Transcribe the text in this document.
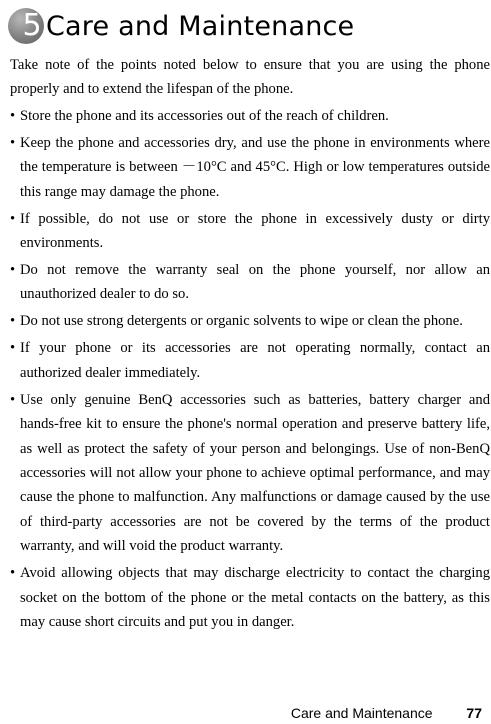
5 Care and Maintenance

Take note of the points noted below to ensure that you are using the phone properly and to extend the lifespan of the phone.

• Store the phone and its accessories out of the reach of children.
• Keep the phone and accessories dry, and use the phone in environments where the temperature is between －10°C and 45°C. High or low temperatures outside this range may damage the phone.
• If possible, do not use or store the phone in excessively dusty or dirty environments.
• Do not remove the warranty seal on the phone yourself, nor allow an unauthorized dealer to do so.
• Do not use strong detergents or organic solvents to wipe or clean the phone.
• If your phone or its accessories are not operating normally, contact an authorized dealer immediately.
• Use only genuine BenQ accessories such as batteries, battery charger and hands-free kit to ensure the phone's normal operation and preserve battery life, as well as protect the safety of your person and belongings. Use of non-BenQ accessories will not allow your phone to achieve optimal performance, and may cause the phone to malfunction. Any malfunctions or damage caused by the use of third-party accessories are not be covered by the terms of the product warranty, and will void the product warranty.
• Avoid allowing objects that may discharge electricity to contact the charging socket on the bottom of the phone or the metal contacts on the battery, as this may cause short circuits and put you in danger.
Care and Maintenance 77
